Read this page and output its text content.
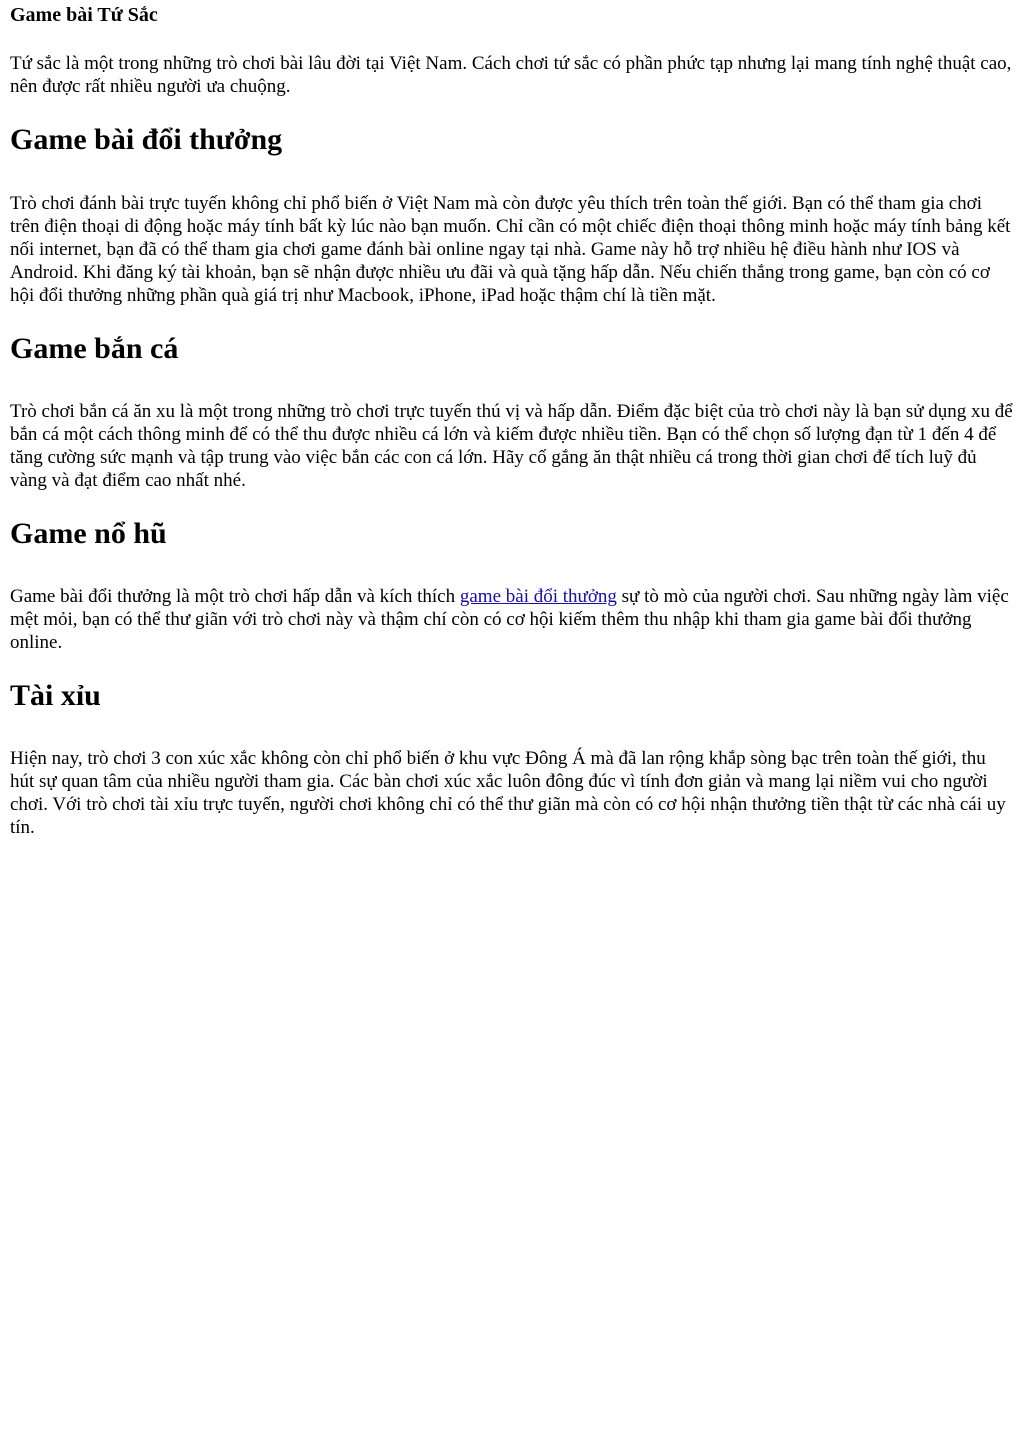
Game bài Tứ Sắc

Tứ sắc là một trong những trò chơi bài lâu đời tại Việt Nam. Cách chơi tứ sắc có phần phức tạp nhưng lại mang tính nghệ thuật cao, nên được rất nhiều người ưa chuộng.

Game bài đổi thưởng

Trò chơi đánh bài trực tuyến không chỉ phổ biến ở Việt Nam mà còn được yêu thích trên toàn thế giới. Bạn có thể tham gia chơi trên điện thoại di động hoặc máy tính bất kỳ lúc nào bạn muốn. Chỉ cần có một chiếc điện thoại thông minh hoặc máy tính bảng kết nối internet, bạn đã có thể tham gia chơi game đánh bài online ngay tại nhà. Game này hỗ trợ nhiều hệ điều hành như IOS và Android. Khi đăng ký tài khoản, bạn sẽ nhận được nhiều ưu đãi và quà tặng hấp dẫn. Nếu chiến thắng trong game, bạn còn có cơ hội đổi thưởng những phần quà giá trị như Macbook, iPhone, iPad hoặc thậm chí là tiền mặt.

Game bắn cá

Trò chơi bắn cá ăn xu là một trong những trò chơi trực tuyến thú vị và hấp dẫn. Điểm đặc biệt của trò chơi này là bạn sử dụng xu để bắn cá một cách thông minh để có thể thu được nhiều cá lớn và kiếm được nhiều tiền. Bạn có thể chọn số lượng đạn từ 1 đến 4 để tăng cường sức mạnh và tập trung vào việc bắn các con cá lớn. Hãy cố gắng ăn thật nhiều cá trong thời gian chơi để tích luỹ đủ vàng và đạt điểm cao nhất nhé.

Game nổ hũ

Game bài đổi thưởng là một trò chơi hấp dẫn và kích thích game bài đổi thưởng sự tò mò của người chơi. Sau những ngày làm việc mệt mỏi, bạn có thể thư giãn với trò chơi này và thậm chí còn có cơ hội kiếm thêm thu nhập khi tham gia game bài đổi thưởng online.

Tài xỉu

Hiện nay, trò chơi 3 con xúc xắc không còn chỉ phổ biến ở khu vực Đông Á mà đã lan rộng khắp sòng bạc trên toàn thế giới, thu hút sự quan tâm của nhiều người tham gia. Các bàn chơi xúc xắc luôn đông đúc vì tính đơn giản và mang lại niềm vui cho người chơi. Với trò chơi tài xỉu trực tuyến, người chơi không chỉ có thể thư giãn mà còn có cơ hội nhận thưởng tiền thật từ các nhà cái uy tín.
